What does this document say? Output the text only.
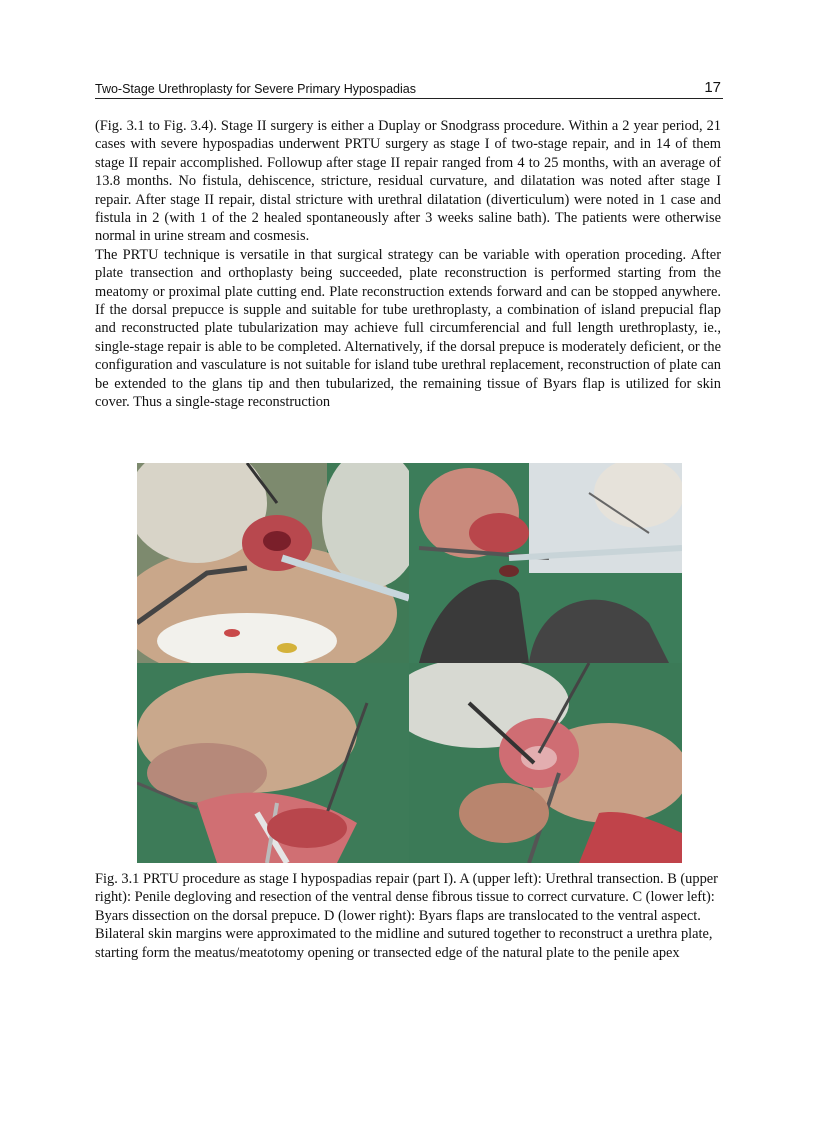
Two-Stage Urethroplasty for Severe Primary Hypospadias	17

(Fig. 3.1 to Fig. 3.4). Stage II surgery is either a Duplay or Snodgrass procedure. Within a 2 year period, 21 cases with severe hypospadias underwent PRTU surgery as stage I of two-stage repair, and in 14 of them stage II repair accomplished. Followup after stage II repair ranged from 4 to 25 months, with an average of 13.8 months. No fistula, dehiscence, stricture, residual curvature, and dilatation was noted after stage I repair. After stage II repair, distal stricture with urethral dilatation (diverticulum) were noted in 1 case and fistula in 2 (with 1 of the 2 healed spontaneously after 3 weeks saline bath). The patients were otherwise normal in urine stream and cosmesis.

The PRTU technique is versatile in that surgical strategy can be variable with operation proceding. After plate transection and orthoplasty being succeeded, plate reconstruction is performed starting from the meatomy or proximal plate cutting end. Plate reconstruction extends forward and can be stopped anywhere. If the dorsal prepucce is supple and suitable for tube urethroplasty, a combination of island prepucial flap and reconstructed plate tubularization may achieve full circumferencial and full length urethroplasty, ie., single-stage repair is able to be completed. Alternatively, if the dorsal prepuce is moderately deficient, or the configuration and vasculature is not suitable for island tube urethral replacement, reconstruction of plate can be extended to the glans tip and then tubularized, the remaining tissue of Byars flap is utilized for skin cover. Thus a single-stage reconstruction

Fig. 3.1 PRTU procedure as stage I hypospadias repair (part I). A (upper left): Urethral transection. B (upper right): Penile degloving and resection of the ventral dense fibrous tissue to correct curvature. C (lower left): Byars dissection on the dorsal prepuce. D (lower right): Byars flaps are translocated to the ventral aspect. Bilateral skin margins were approximated to the midline and sutured together to reconstruct a urethra plate, starting form the meatus/meatotomy opening or transected edge of the natural plate to the penile apex
